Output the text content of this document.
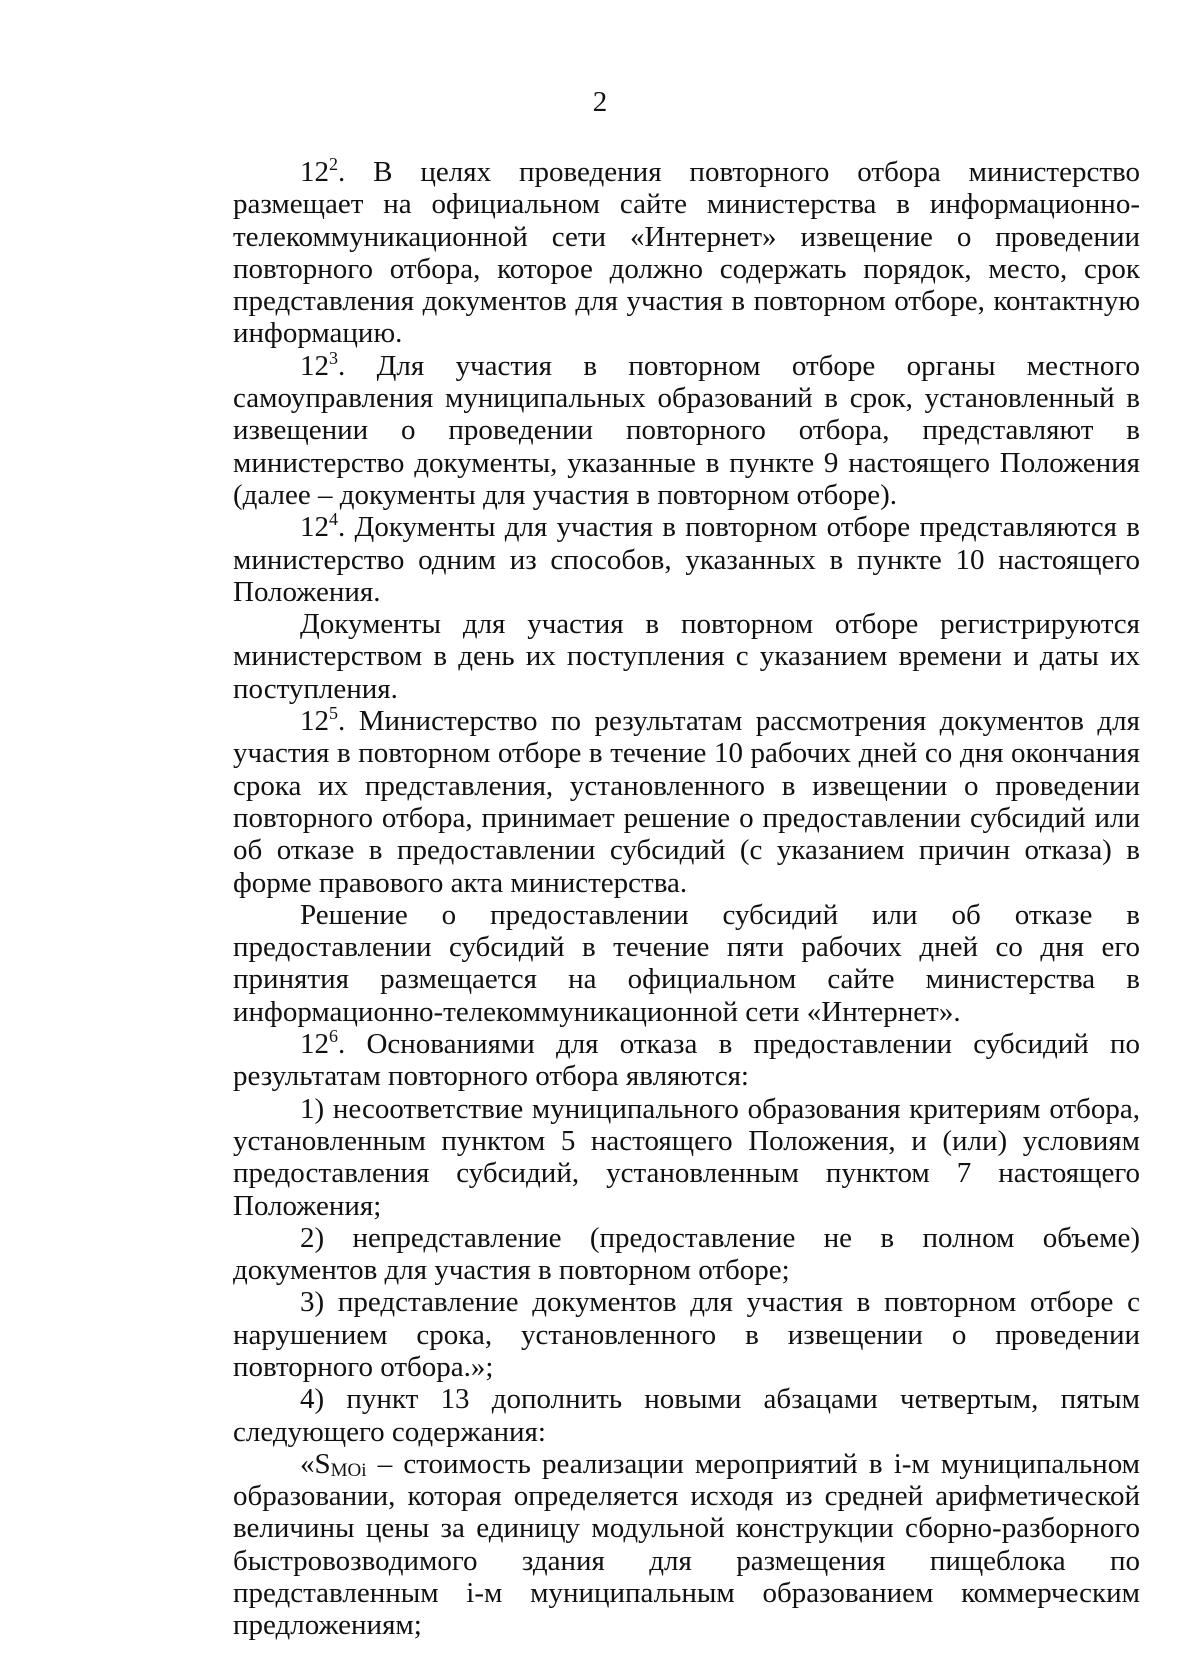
2

$12^2$. В целях проведения повторного отбора министерство размещает на официальном сайте министерства в информационно-телекоммуникационной сети «Интернет» извещение о проведении повторного отбора, которое должно содержать порядок, место, срок представления документов для участия в повторном отборе, контактную информацию.

$12^3$. Для участия в повторном отборе органы местного самоуправления муниципальных образований в срок, установленный в извещении о проведении повторного отбора, представляют в министерство документы, указанные в пункте 9 настоящего Положения (далее – документы для участия в повторном отборе).

$12^4$. Документы для участия в повторном отборе представляются в министерство одним из способов, указанных в пункте 10 настоящего Положения.

Документы для участия в повторном отборе регистрируются министерством в день их поступления с указанием времени и даты их поступления.

$12^5$. Министерство по результатам рассмотрения документов для участия в повторном отборе в течение 10 рабочих дней со дня окончания срока их представления, установленного в извещении о проведении повторного отбора, принимает решение о предоставлении субсидий или об отказе в предоставлении субсидий (с указанием причин отказа) в форме правового акта министерства.

Решение о предоставлении субсидий или об отказе в предоставлении субсидий в течение пяти рабочих дней со дня его принятия размещается на официальном сайте министерства в информационно-телекоммуникационной сети «Интернет».

$12^6$. Основаниями для отказа в предоставлении субсидий по результатам повторного отбора являются:

1) несоответствие муниципального образования критериям отбора, установленным пунктом 5 настоящего Положения, и (или) условиям предоставления субсидий, установленным пунктом 7 настоящего Положения;

2) непредставление (предоставление не в полном объеме) документов для участия в повторном отборе;

3) представление документов для участия в повторном отборе с нарушением срока, установленного в извещении о проведении повторного отбора.»;

4) пункт 13 дополнить новыми абзацами четвертым, пятым следующего содержания:

«$S_{MOi}$ – стоимость реализации мероприятий в i-м муниципальном образовании, которая определяется исходя из средней арифметической величины цены за единицу модульной конструкции сборно-разборного быстровозводимого здания для размещения пищеблока по представленным i-м муниципальным образованием коммерческим предложениям;
